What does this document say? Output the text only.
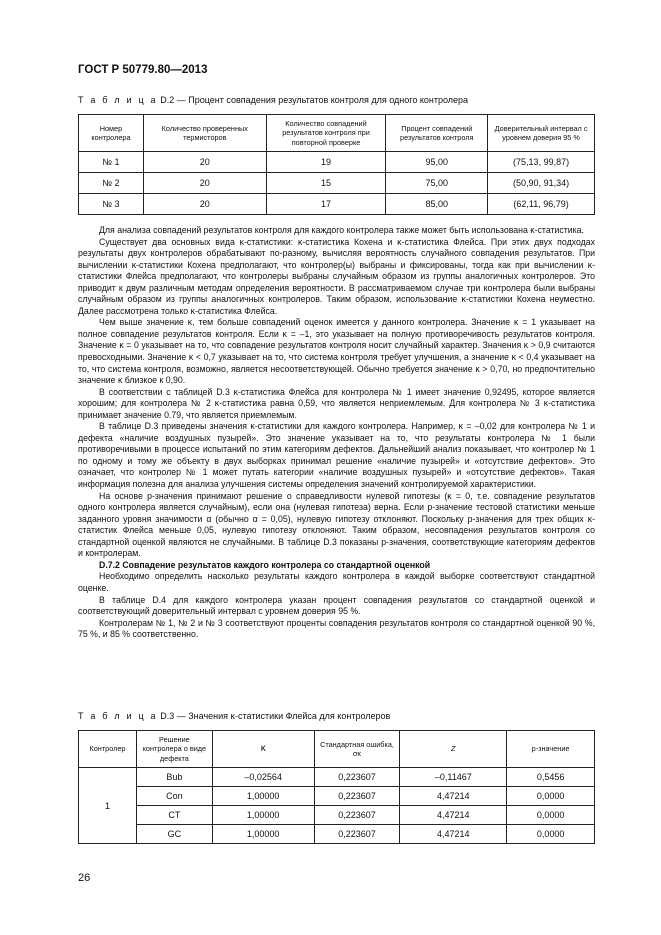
ГОСТ Р 50779.80—2013
Т а б л и ц а D.2 — Процент совпадения результатов контроля для одного контролера
Номер контролера	Количество проверенных термисторов	Количество совпадений результатов контроля при повторной проверке	Процент совпадений результатов контроля	Доверительный интервал с уровнем доверия 95 %
№ 1	20	19	95,00	(75,13, 99,87)
№ 2	20	15	75,00	(50,90, 91,34)
№ 3	20	17	85,00	(62,11, 96,79)

Для анализа совпадений результатов контроля для каждого контролера также может быть использована κ-статистика.

Существует два основных вида κ-статистики: κ-статистика Кохена и κ-статистика Флейса. При этих двух подходах результаты двух контролеров обрабатывают по-разному, вычисляя вероятность случайного совпадения результатов. При вычислении κ-статистики Кохена предполагают, что контролер(ы) выбраны и фиксированы, тогда как при вычислении κ-статистики Флейса предполагают, что контролеры выбраны случайным образом из группы аналогичных контролеров. Это приводит к двум различным методам определения вероятности. В рассматриваемом случае три контролера были выбраны случайным образом из группы аналогичных контролеров. Таким образом, использование κ-статистики Кохена неуместно. Далее рассмотрена только κ-статистика Флейса.

Чем выше значение κ, тем больше совпадений оценок имеется у данного контролера. Значение κ = 1 указывает на полное совпадение результатов контроля. Если κ = –1, это указывает на полную противоречивость результатов контроля. Значение κ = 0 указывает на то, что совпадение результатов контроля носит случайный характер. Значения κ > 0,9 считаются превосходными. Значение κ < 0,7 указывает на то, что система контроля требует улучшения, а значение κ < 0,4 указывает на то, что система контроля, возможно, является несоответствующей. Обычно требуется значение κ > 0,70, но предпочтительно значение κ близкое к 0,90.

В соответствии с таблицей D.3 κ-статистика Флейса для контролера № 1 имеет значение 0,92495, которое является хорошим; для контролера № 2 κ-статистика равна 0,59, что является неприемлемым. Для контролера № 3 κ-статистика принимает значение 0.79, что является приемлемым.

В таблице D.3 приведены значения κ-статистики для каждого контролера. Например, κ = –0,02 для контролера № 1 и дефекта «наличие воздушных пузырей». Это значение указывает на то, что результаты контролера № 1 были противоречивыми в процессе испытаний по этим категориям дефектов. Дальнейший анализ показывает, что контролер № 1 по одному и тому же объекту в двух выборках принимал решение «наличие пузырей» и «отсутствие дефектов». Это означает, что контролер № 1 может путать категории «наличие воздушных пузырей» и «отсутствие дефектов». Такая информация полезна для анализа улучшения системы определения значений контролируемой характеристики.

На основе p-значения принимают решение о справедливости нулевой гипотезы (κ = 0, т.е. совпадение результатов одного контролера является случайным), если она (нулевая гипотеза) верна. Если p-значение тестовой статистики меньше заданного уровня значимости α (обычно α = 0,05), нулевую гипотезу отклоняют. Поскольку p-значения для трех общих κ-статистик Флейса меньше 0,05, нулевую гипотезу отклоняют. Таким образом, несовпадения результатов контроля со стандартной оценкой являются не случайными. В таблице D.3 показаны p-значения, соответствующие категориям дефектов и контролерам.

D.7.2 Совпадение результатов каждого контролера со стандартной оценкой

Необходимо определить насколько результаты каждого контролера в каждой выборке соответствуют стандартной оценке.

В таблице D.4 для каждого контролера указан процент совпадения результатов со стандартной оценкой и соответствующий доверительный интервал с уровнем доверия 95 %.

Контролерам № 1, № 2 и № 3 соответствуют проценты совпадения результатов контроля со стандартной оценкой 90 %, 75 %, и 85 % соответственно.

Т а б л и ц а D.3 — Значения κ-статистики Флейса для контролеров
Контролер	Решение контролера о виде дефекта	κ	Стандартная ошибка, σκ	Z	p-значение
1	Bub	–0,02564	0,223607	–0,11467	0,5456
	Con	1,00000	0,223607	4,47214	0,0000
	CT	1,00000	0,223607	4,47214	0,0000
	GC	1,00000	0,223607	4,47214	0,0000
26
